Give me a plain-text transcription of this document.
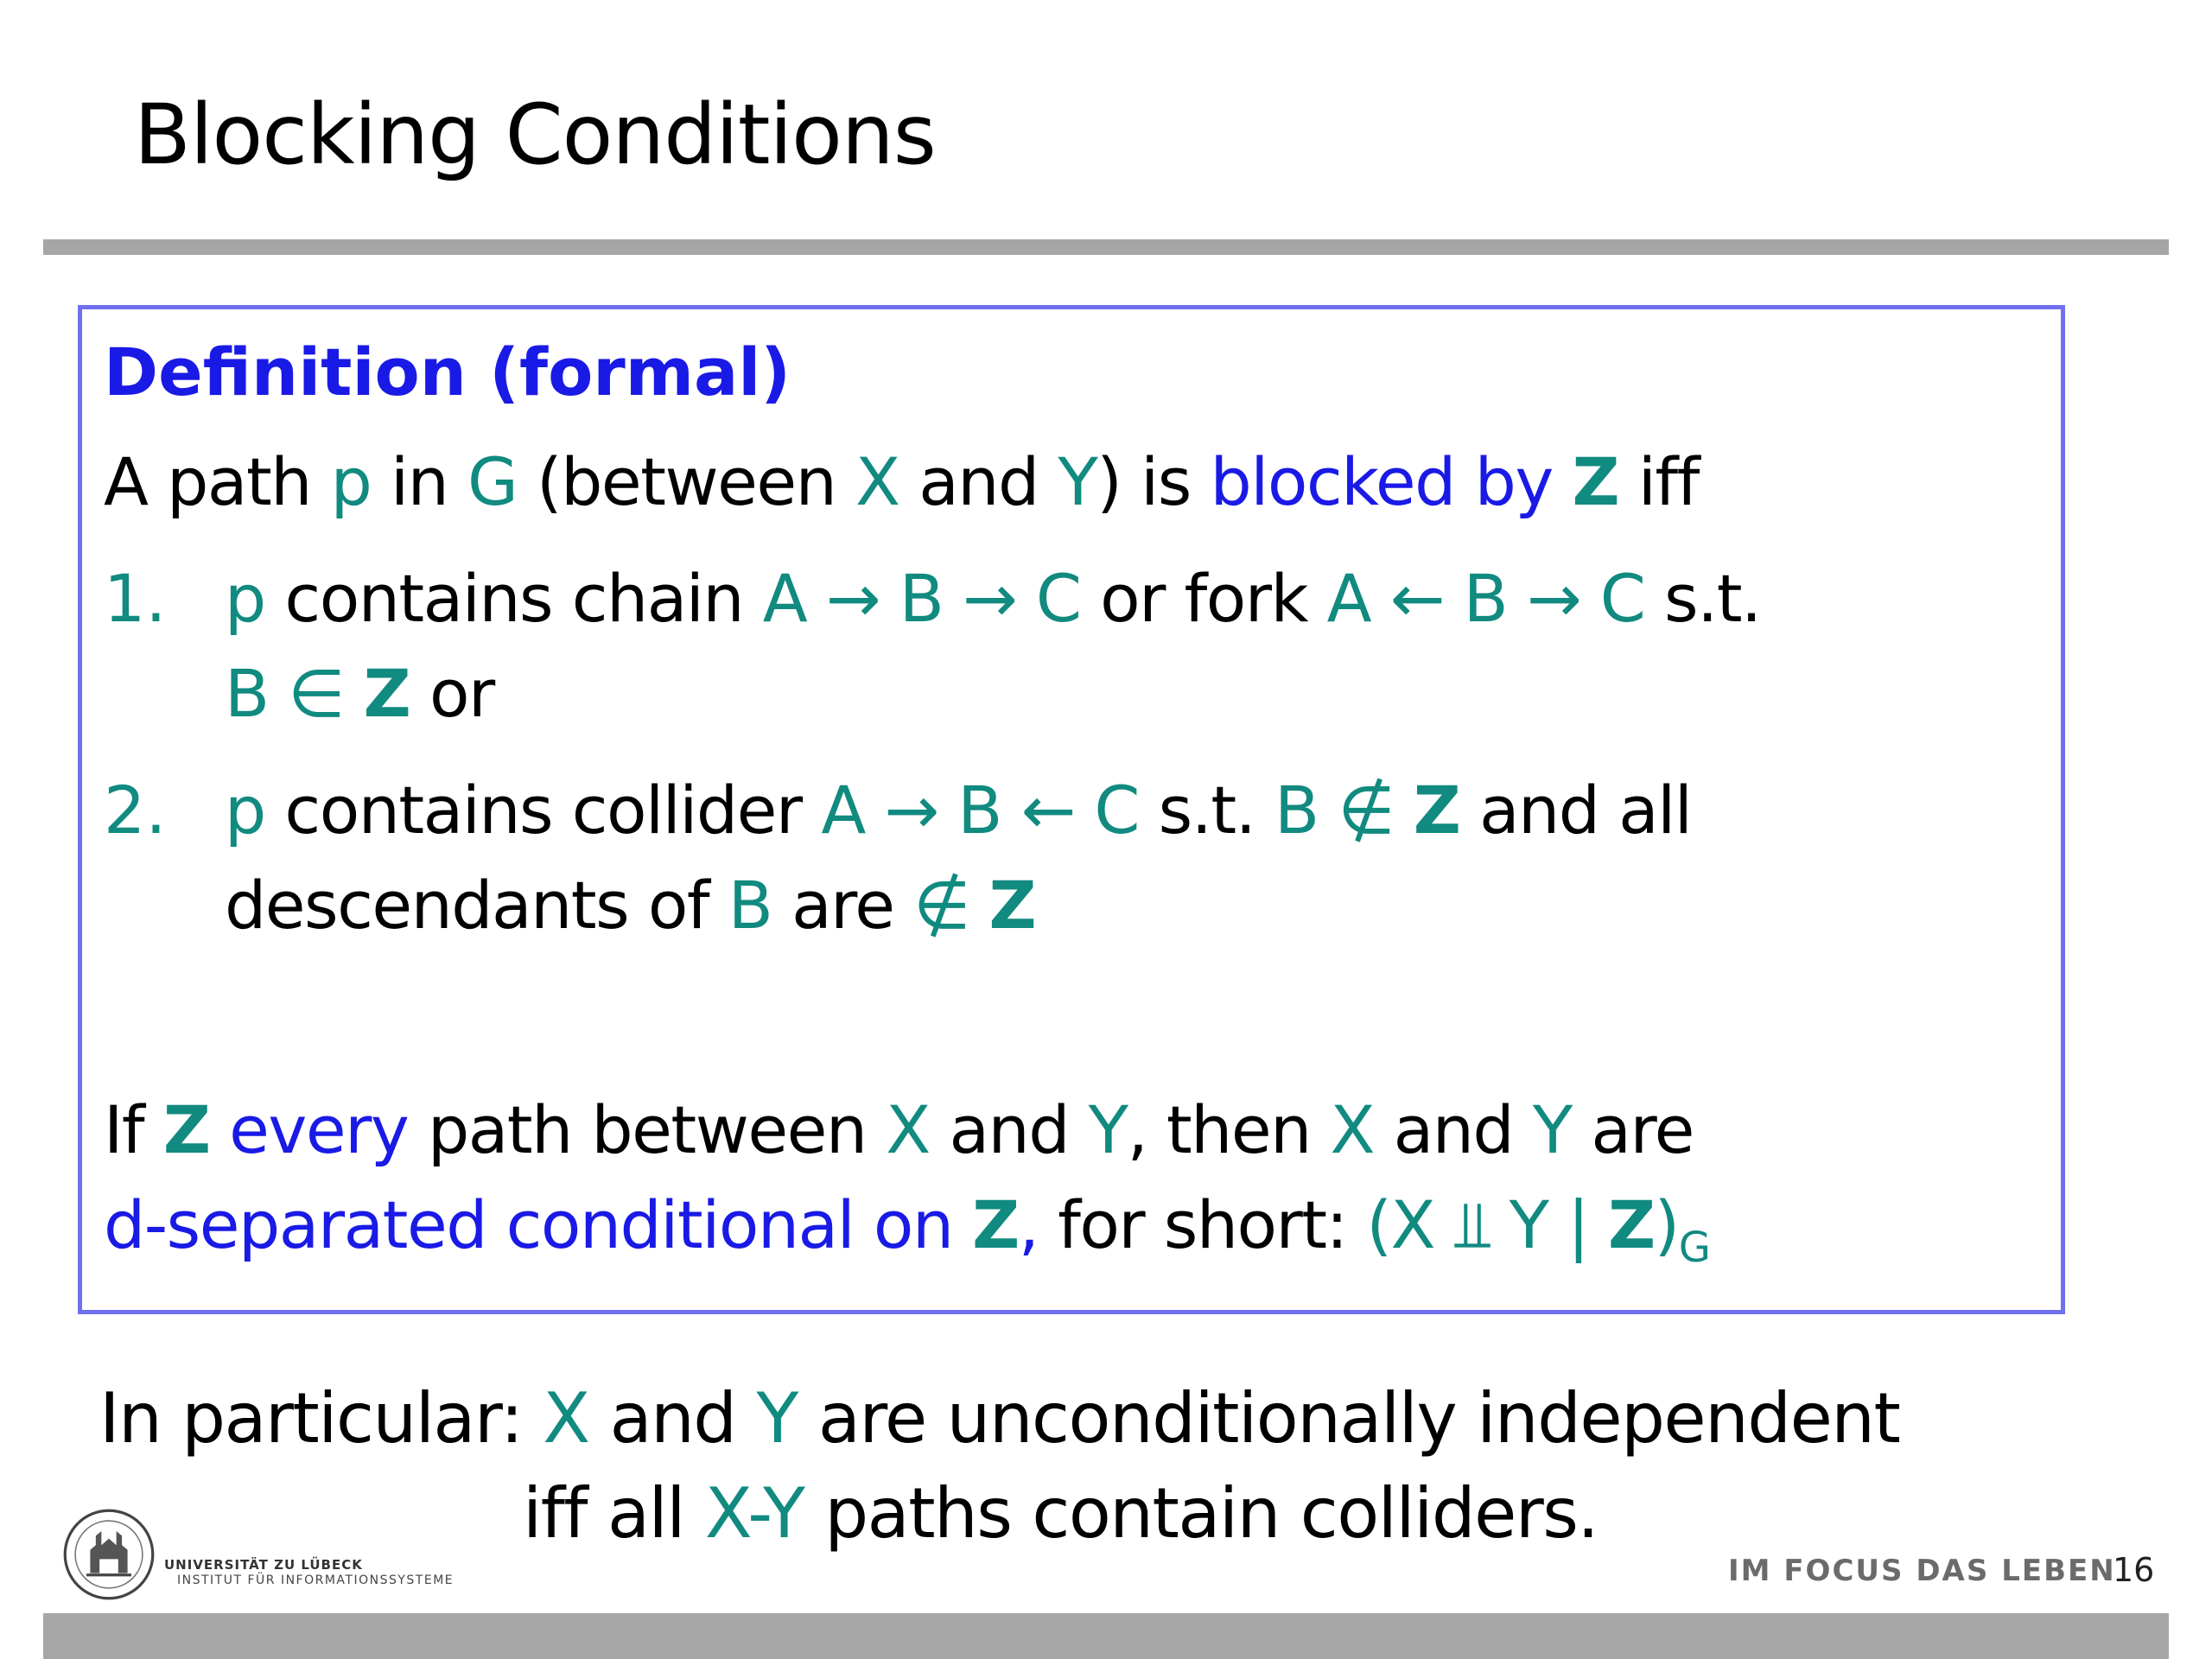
Blocking Conditions
Definition (formal)
A path p in G (between X and Y) is blocked by Z iff
1. p contains chain A → B → C or fork A ← B → C s.t.
B ∈ Z or
2. p contains collider A → B ← C s.t. B ∉ Z and all
descendants of B are ∉ Z
If Z every path between X and Y, then X and Y are
d-separated conditional on Z, for short: (X ⫫ Y | $Z)_G$
In particular: X and Y are unconditionally independent
iff all X-Y paths contain colliders.
UNIVERSITÄT ZU LÜBECK
INSTITUT FÜR INFORMATIONSSYSTEME	IM FOCUS DAS LEBEN
16
